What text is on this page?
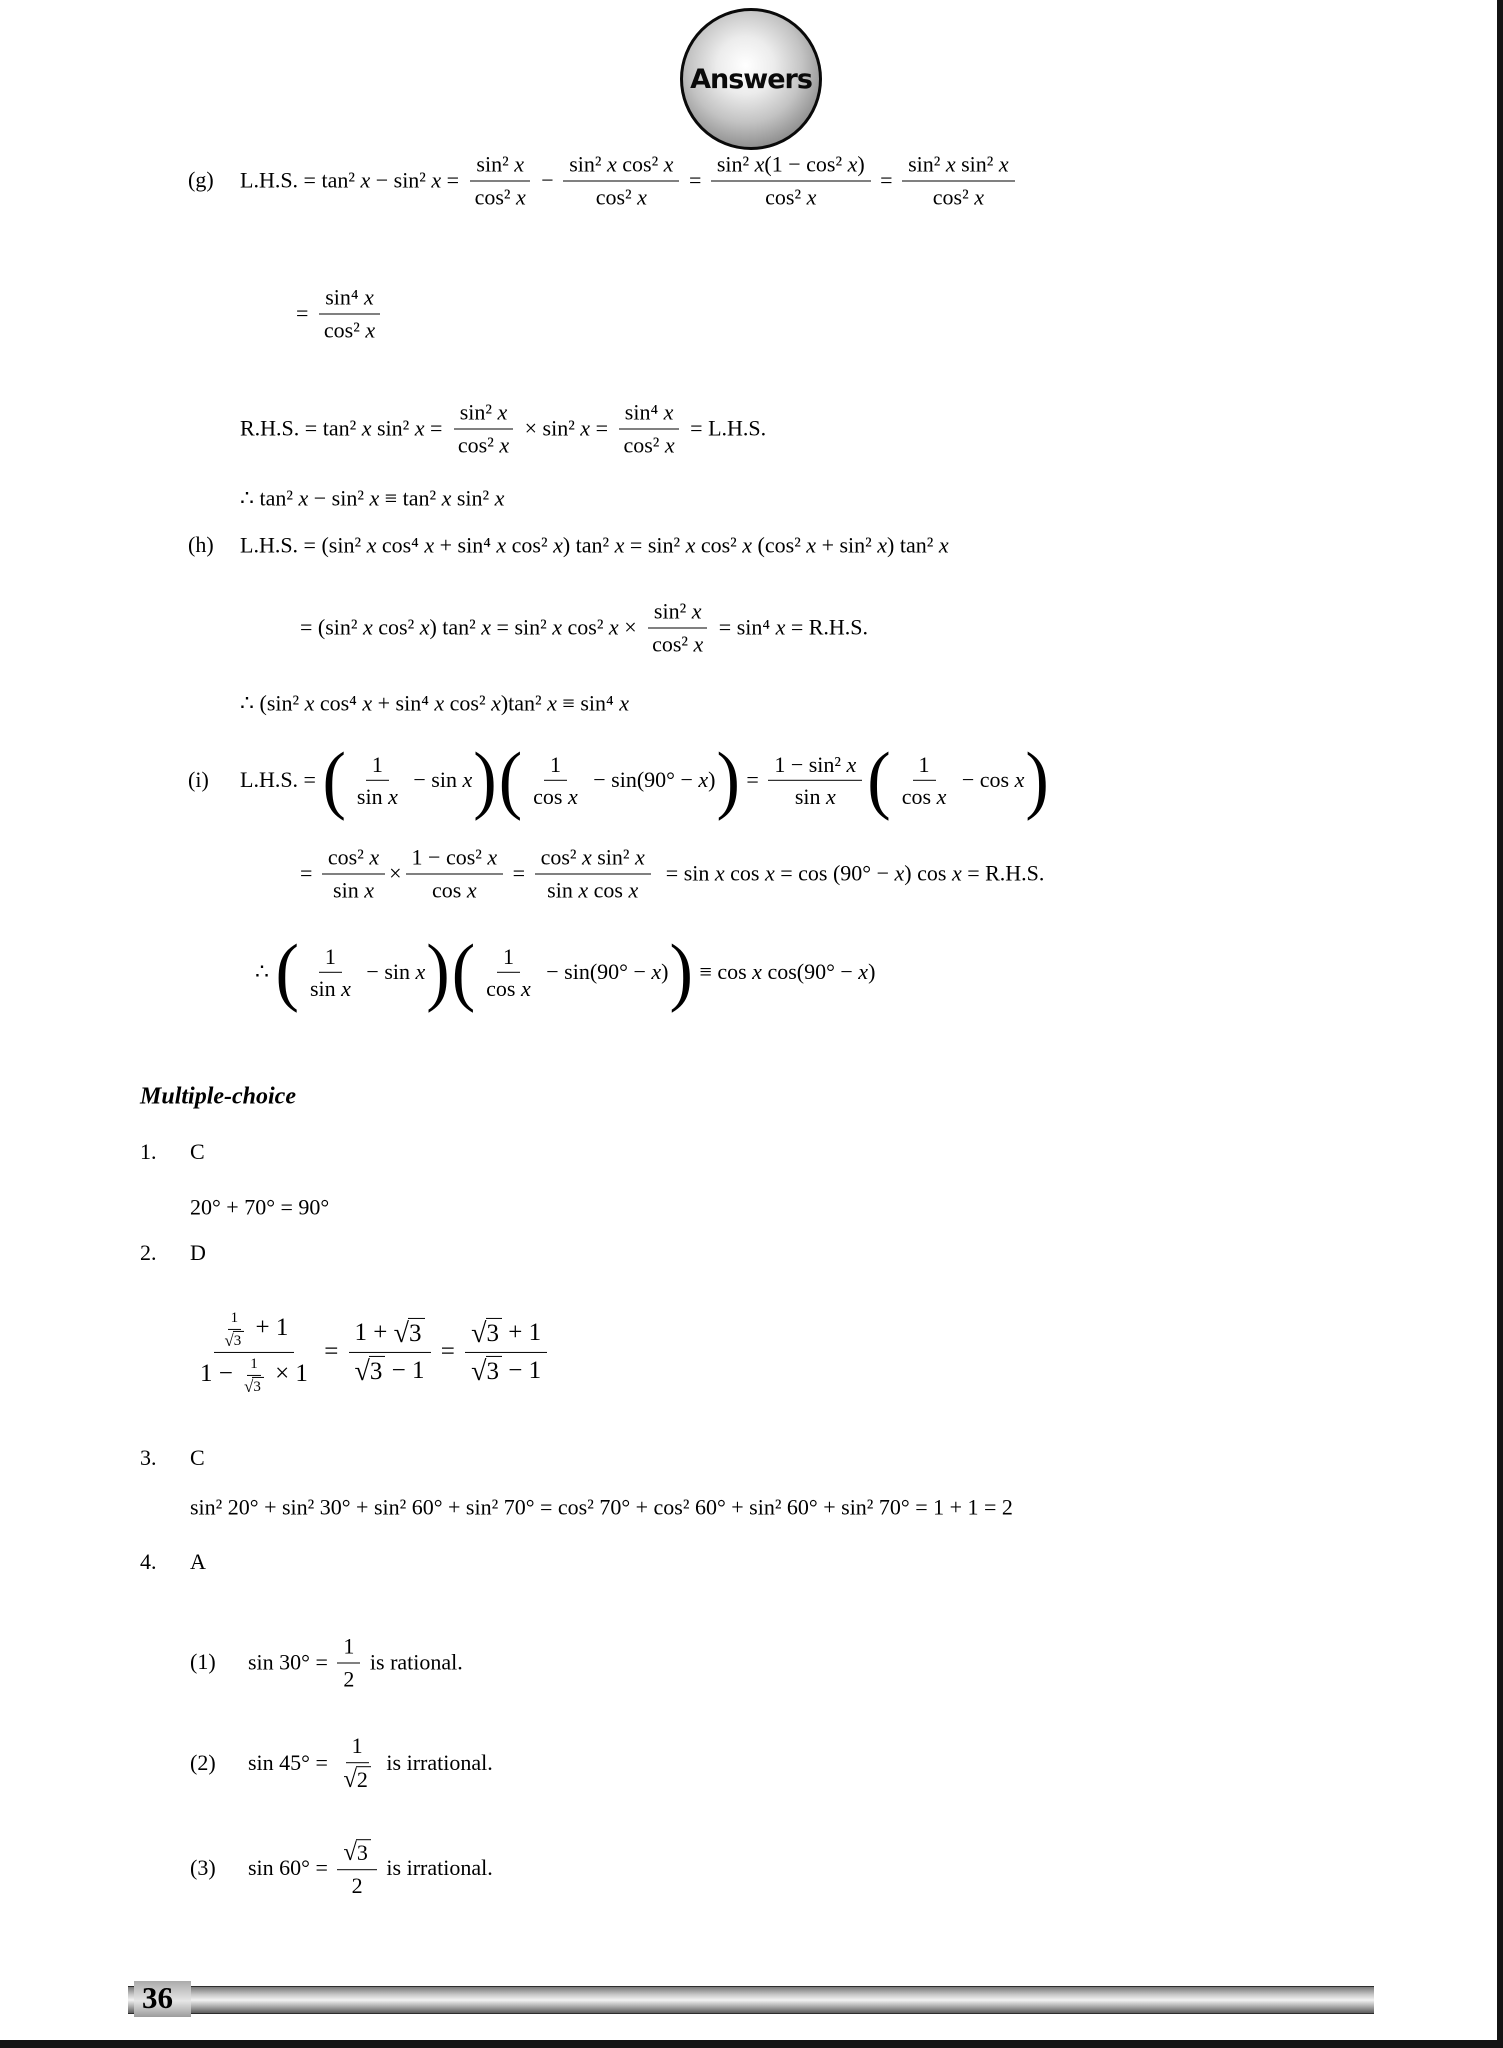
Answers
(g) L.H.S. = tan² x − sin² $x = \frac{\text{sin² x}}{\text{cos² x}} - \frac{\text{sin² x cos² x}}{\text{cos² x}} = \frac{\text{sin² x(1 − cos² x)}}{\text{cos² x}} = \frac{\text{sin² x sin² x}}{\text{cos² x}}$
= $\frac{\text{sin⁴ x}}{\text{cos² x}}$
R.H.S. = tan² x sin² $x = \frac{\text{sin² x}}{\text{cos² x}} \times \sin^2$ $x = \frac{\text{sin⁴ x}}{\text{cos² x}} = L.H.S$.
∴ tan² x − sin² x ≡ tan² x sin² x
(h) L.H.S. = (sin² x cos⁴ x + sin⁴ x cos² x) tan² x = sin² x cos² x (cos² x + sin² x) tan² x
= (sin² x cos² x) tan² x = sin² x cos² $x \times \frac{\text{sin² x}}{\text{cos² x}} = \sin^4$ x = R.H.S.
∴ (sin² x cos⁴ x + sin⁴ x cos² x)tan² x ≡ sin⁴ x
(i) L.H.S. = ( $\frac{1}{\text{sin x}} - \sin x$ ) ( $\frac{1}{\text{cos x}} - \sin(90^\circ - x)$ ) = $\frac{\text{1 − sin² x}}{\text{sin x}}$ ( $\frac{1}{\text{cos x}} - \cos x$ )
= $\frac{\text{cos² x}}{\text{sin x}} \times \frac{\text{1 − cos² x}}{\text{cos x}} = \frac{\text{cos² x sin² x}}{\text{sin x cos x}} = \sin x$ cos x = cos (90° − x) cos x = R.H.S.
∴ ( $\frac{1}{\text{sin x}} - \sin x$ ) ( $\frac{1}{\text{cos x}} - \sin(90^\circ - x)$ ) ≡ cos x cos(90° − x)
Multiple-choice
1. C
20° + 70° = 90°
2. D
$\frac{\frac{1}{√ 3} + 1}{1 - \frac{1}{√ 3} \times 1} = \frac{1 + √ 3}{√ 3 - 1} = \frac{√ 3 + 1}{√ 3 - 1}$
3. C
sin² 20° + sin² 30° + sin² 60° + sin² 70° = cos² 70° + cos² 60° + sin² 60° + sin² 70° = 1 + 1 = 2
4. A
(1) $\sin 30^\circ = \frac{1}{2}$ is rational.
(2) $\sin 45^\circ = \frac{1}{√ 2}$ is irrational.
(3) $\sin 60^\circ = \frac{√ 3}{2}$ is irrational.
36
